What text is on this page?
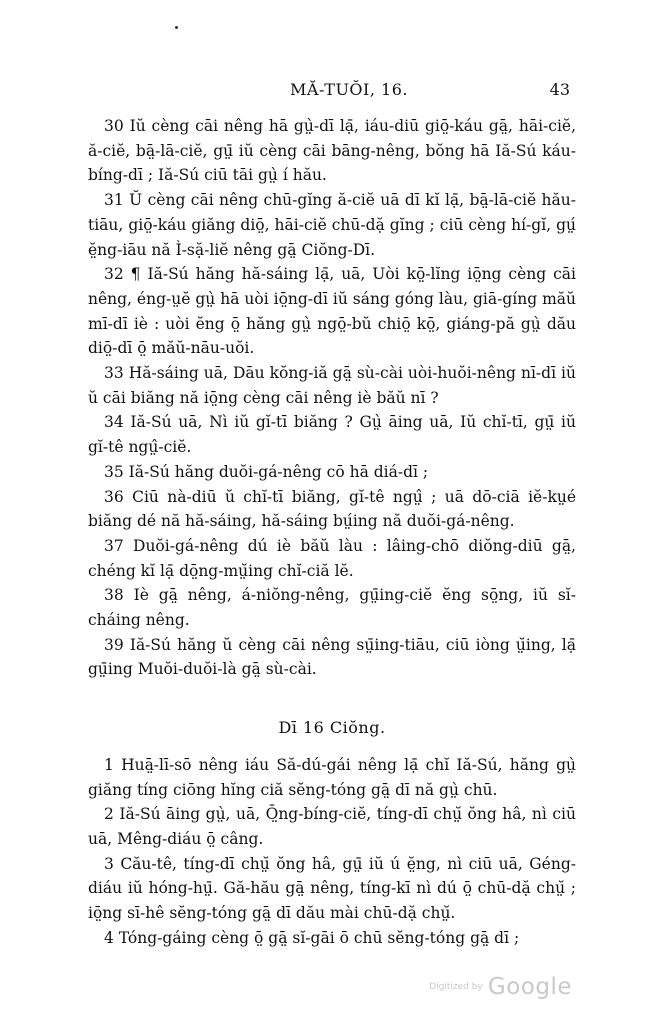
MĂ-TUŎI, 16.	43

30 Iŭ cèng cāi nêng hā gṳ̀-dī lạ̄, iáu-diū giō̤-káu gā̤, hāi-ciĕ, ă-ciĕ, bā̤-lā-ciĕ, gṳ̄ iŭ cèng cāi bāng-nêng, bŏng hā Iă-Sú káu-bíng-dī ; Iă-Sú ciū tāi gṳ̀ í hău.

31 Ŭ cèng cāi nêng chū-gĭng ă-ciĕ uā dī kĭ lạ̄, bā̤-lā-ciĕ hău-tiāu, giō̤-káu giăng diō̤, hāi-ciĕ chū-dặ gĭng ; ciū cèng hí-gĭ, gṳ́ ĕ̤ng-iāu nă Ì-sặ-liĕ nêng gā̤ Ciŏng-Dī.

32 ¶ Iă-Sú hăng hă-sáing lạ̄, uā, Uòi kō̤-lĭng iō̤ng cèng cāi nêng, éng-ṳĕ gṳ̀ hā uòi iō̤ng-dī iŭ sáng góng làu, giā-gíng măŭ mī-dī iè : uòi ĕng ō̤ hăng gṳ̀ ngō̤-bŭ chiō̤ kō̤, giáng-pă gṳ̀ dău diō̤-dī ō̤ măŭ-nāu-uŏi.

33 Hă-sáing uā, Dāu kŏng-iă gā̤ sù-cài uòi-huŏi-nêng nī-dī iŭ ŭ cāi biăng nă iō̤ng cèng cāi nêng iè băŭ nī ?

34 Iă-Sú uā, Nì iŭ gĭ-tī biăng ? Gṳ̀ āing uā, Iŭ chĭ-tī, gṳ̄ iŭ gĭ-tê ngṳ̂-ciĕ.

35 Iă-Sú hăng duŏi-gá-nêng cō hā diá-dī ;

36 Ciū nà-diū ŭ chĭ-tī biăng, gĭ-tê ngṳ̂ ; uā dō-ciā iĕ-kṳé biăng dé nă hă-sáing, hă-sáing bṳ́ing nă duŏi-gá-nêng.

37 Duŏi-gá-nêng dú iè băŭ làu : lâing-chō diŏng-diū gā̤, chéng kĭ lạ̄ dō̤ng-mṳ̆ing chĭ-ciă lĕ.

38 Iè gā̤ nêng, á-niŏng-nêng, gṳ̄ing-ciĕ ĕng sō̤ng, iŭ sĭ-cháing nêng.

39 Iă-Sú hăng ŭ cèng cāi nêng sṳ̄ing-tiāu, ciū iòng ṳ̆ing, lạ̄ gṳ̄ing Muŏi-duŏi-là gā̤ sù-cài.

Dī 16 Ciŏng.

1 Huā̤-lī-sō nêng iáu Să-dú-gái nêng lạ̄ chĭ Iă-Sú, hăng gṳ̀ giăng tíng ciōng hĭng ciă sĕng-tóng gā̤ dī nă gṳ̀ chū.

2 Iă-Sú āing gṳ̀, uā, Ō̤ng-bíng-ciĕ, tíng-dī chṳ̆ ŏng hâ, nì ciū uā, Mêng-diáu ō̤ câng.

3 Cău-tê, tíng-dī chṳ̆ ŏng hâ, gṳ̄ iŭ ú ĕ̤ng, nì ciū uā, Géng-diáu iŭ hóng-hṳ̄. Gă-hău gā̤ nêng, tíng-kī nì dú ō̤ chū-dặ chṳ̆ ; iō̤ng sī-hê sĕng-tóng gā̤ dī dău mài chū-dặ chṳ̆.

4 Tóng-gáing cèng ō̤ gā̤ sĭ-gāi ō chū sĕng-tóng gā̤ dī ;

Digitized by Google
